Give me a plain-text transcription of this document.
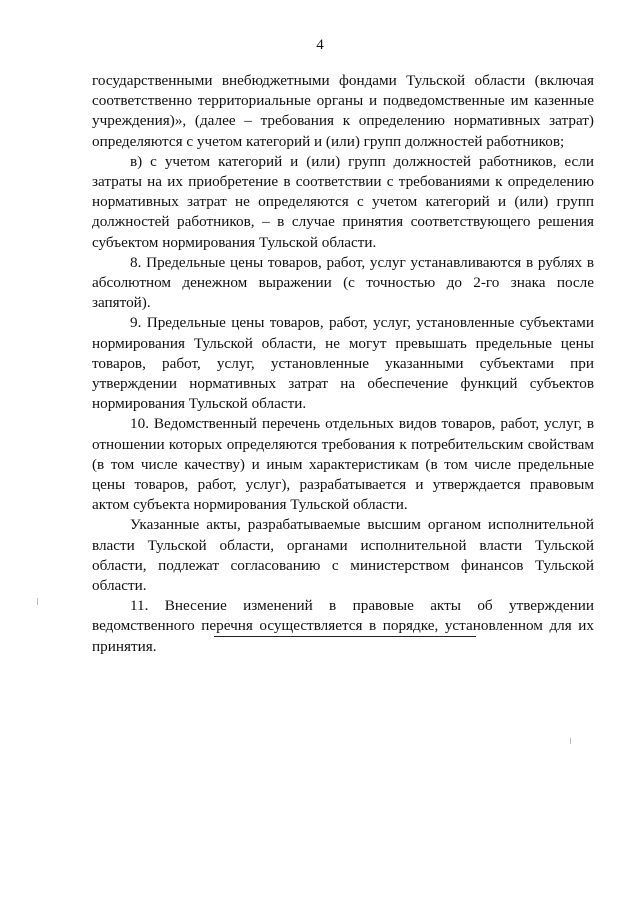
4

государственными внебюджетными фондами Тульской области (включая соответственно территориальные органы и подведомственные им казенные учреждения)», (далее – требования к определению нормативных затрат) определяются с учетом категорий и (или) групп должностей работников;

в) с учетом категорий и (или) групп должностей работников, если затраты на их приобретение в соответствии с требованиями к определению нормативных затрат не определяются с учетом категорий и (или) групп должностей работников, – в случае принятия соответствующего решения субъектом нормирования Тульской области.

8. Предельные цены товаров, работ, услуг устанавливаются в рублях в абсолютном денежном выражении (с точностью до 2-го знака после запятой).

9. Предельные цены товаров, работ, услуг, установленные субъектами нормирования Тульской области, не могут превышать предельные цены товаров, работ, услуг, установленные указанными субъектами при утверждении нормативных затрат на обеспечение функций субъектов нормирования Тульской области.

10. Ведомственный перечень отдельных видов товаров, работ, услуг, в отношении которых определяются требования к потребительским свойствам (в том числе качеству) и иным характеристикам (в том числе предельные цены товаров, работ, услуг), разрабатывается и утверждается правовым актом субъекта нормирования Тульской области.

Указанные акты, разрабатываемые высшим органом исполнительной власти Тульской области, органами исполнительной власти Тульской области, подлежат согласованию с министерством финансов Тульской области.

11. Внесение изменений в правовые акты об утверждении ведомственного перечня осуществляется в порядке, установленном для их принятия.
